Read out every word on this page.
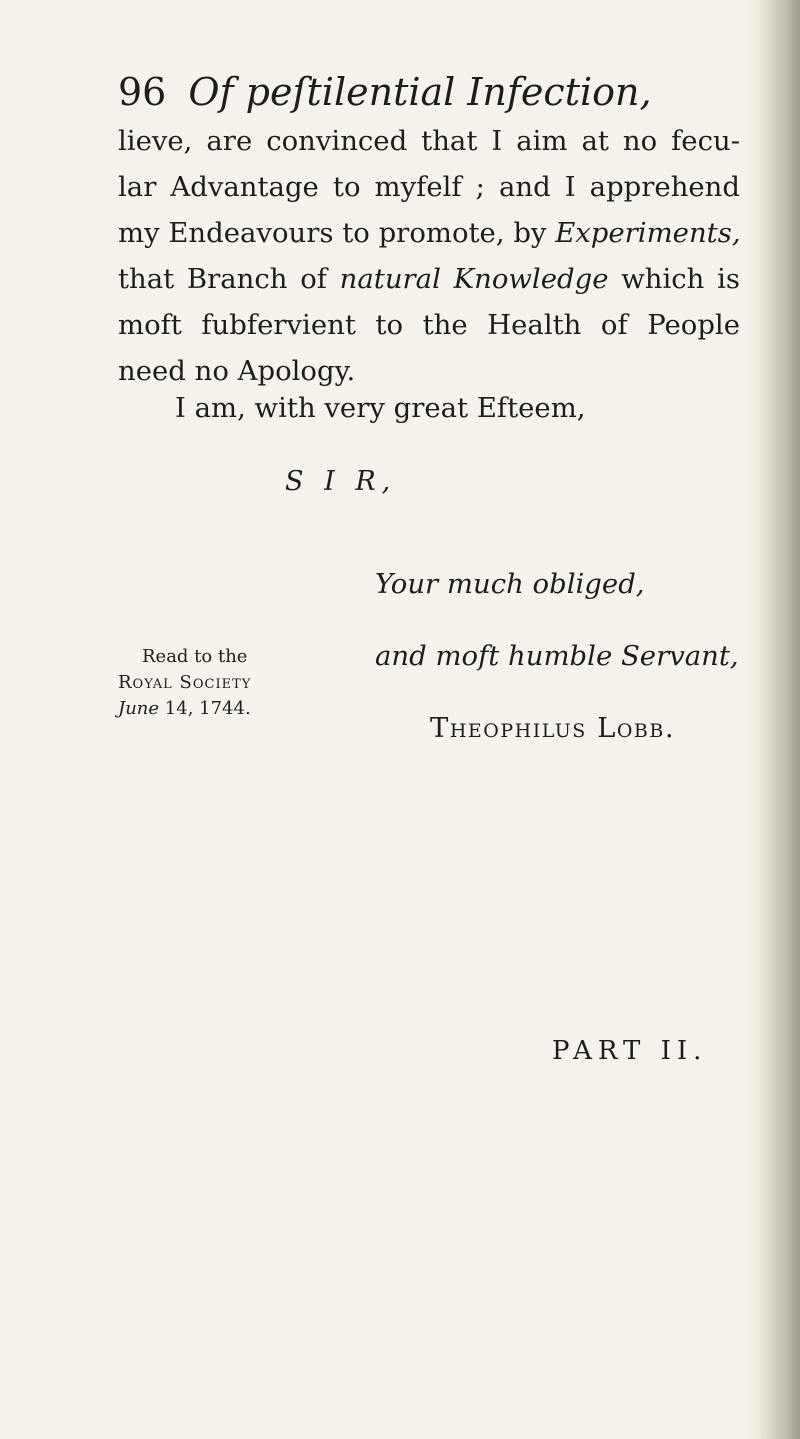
96 Of peſtilential Infection,
lieve, are convinced that I aim at no fecu-
lar Advantage to myfelf ; and I apprehend
my Endeavours to promote, by Experiments,
that Branch of natural Knowledge which is
moft fubfervient to the Health of People
need no Apology.
I am, with very great Efteem,
S I R,
Your much obliged,
and moft humble Servant,
Read to the
Royal Society
June 14, 1744.
Theophilus Lobb.
PART II.
